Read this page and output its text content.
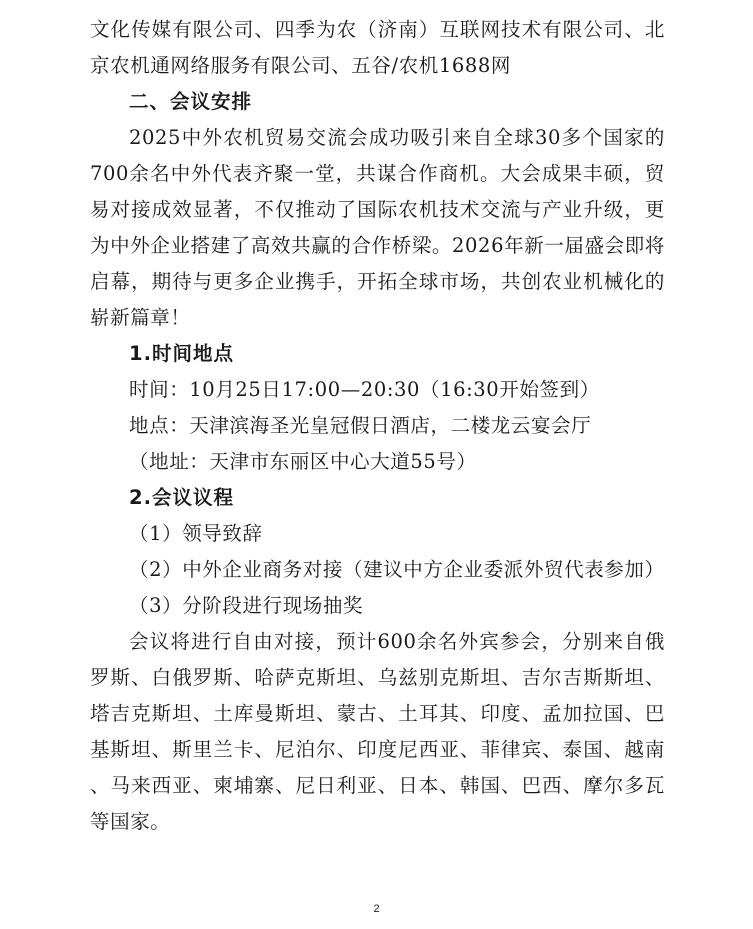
文化传媒有限公司、四季为农（济南）互联网技术有限公司、北
京农机通网络服务有限公司、五谷/农机1688网
二、会议安排
2025中外农机贸易交流会成功吸引来自全球30多个国家的
700余名中外代表齐聚一堂，共谋合作商机。大会成果丰硕，贸
易对接成效显著，不仅推动了国际农机技术交流与产业升级，更
为中外企业搭建了高效共赢的合作桥梁。2026年新一届盛会即将
启幕，期待与更多企业携手，开拓全球市场，共创农业机械化的
崭新篇章！
1.时间地点
时间：10月25日17:00—20:30（16:30开始签到）
地点：天津滨海圣光皇冠假日酒店，二楼龙云宴会厅
（地址：天津市东丽区中心大道55号）
2.会议议程
（1）领导致辞
（2）中外企业商务对接（建议中方企业委派外贸代表参加）
（3）分阶段进行现场抽奖
会议将进行自由对接，预计600余名外宾参会，分别来自俄
罗斯、白俄罗斯、哈萨克斯坦、乌兹别克斯坦、吉尔吉斯斯坦、
塔吉克斯坦、土库曼斯坦、蒙古、土耳其、印度、孟加拉国、巴
基斯坦、斯里兰卡、尼泊尔、印度尼西亚、菲律宾、泰国、越南
、马来西亚、柬埔寨、尼日利亚、日本、韩国、巴西、摩尔多瓦
等国家。
2
